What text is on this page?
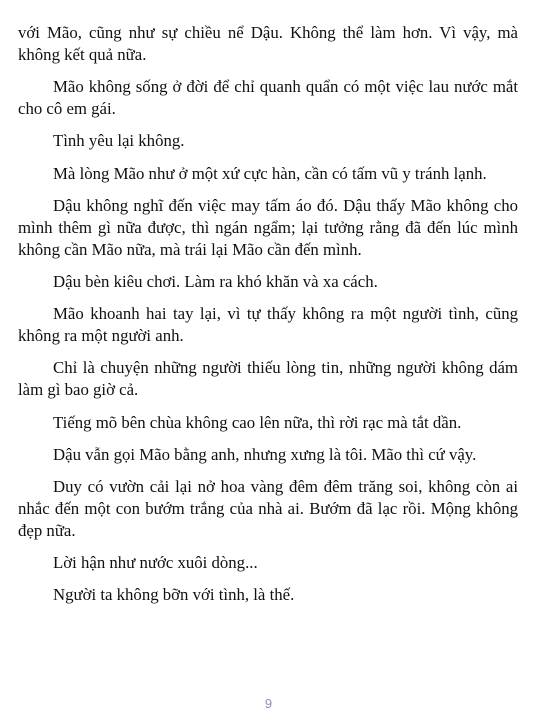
với Mão, cũng như sự chiều nể Dậu. Không thể làm hơn. Vì vậy, mà không kết quả nữa.

Mão không sống ở đời để chỉ quanh quẩn có một việc lau nước mắt cho cô em gái.

Tình yêu lại không.

Mà lòng Mão như ở một xứ cực hàn, cần có tấm vũ y tránh lạnh.

Dậu không nghĩ đến việc may tấm áo đó. Dậu thấy Mão không cho mình thêm gì nữa được, thì ngán ngẩm; lại tưởng rằng đã đến lúc mình không cần Mão nữa, mà trái lại Mão cần đến mình.

Dậu bèn kiêu chơi. Làm ra khó khăn và xa cách.

Mão khoanh hai tay lại, vì tự thấy không ra một người tình, cũng không ra một người anh.

Chỉ là chuyện những người thiếu lòng tin, những người không dám làm gì bao giờ cả.

Tiếng mõ bên chùa không cao lên nữa, thì rời rạc mà tắt dần.

Dậu vẫn gọi Mão bằng anh, nhưng xưng là tôi. Mão thì cứ vậy.

Duy có vườn cải lại nở hoa vàng đêm đêm trăng soi, không còn ai nhắc đến một con bướm trắng của nhà ai. Bướm đã lạc rồi. Mộng không đẹp nữa.

Lời hận như nước xuôi dòng...

Người ta không bỡn với tình, là thế.

9
